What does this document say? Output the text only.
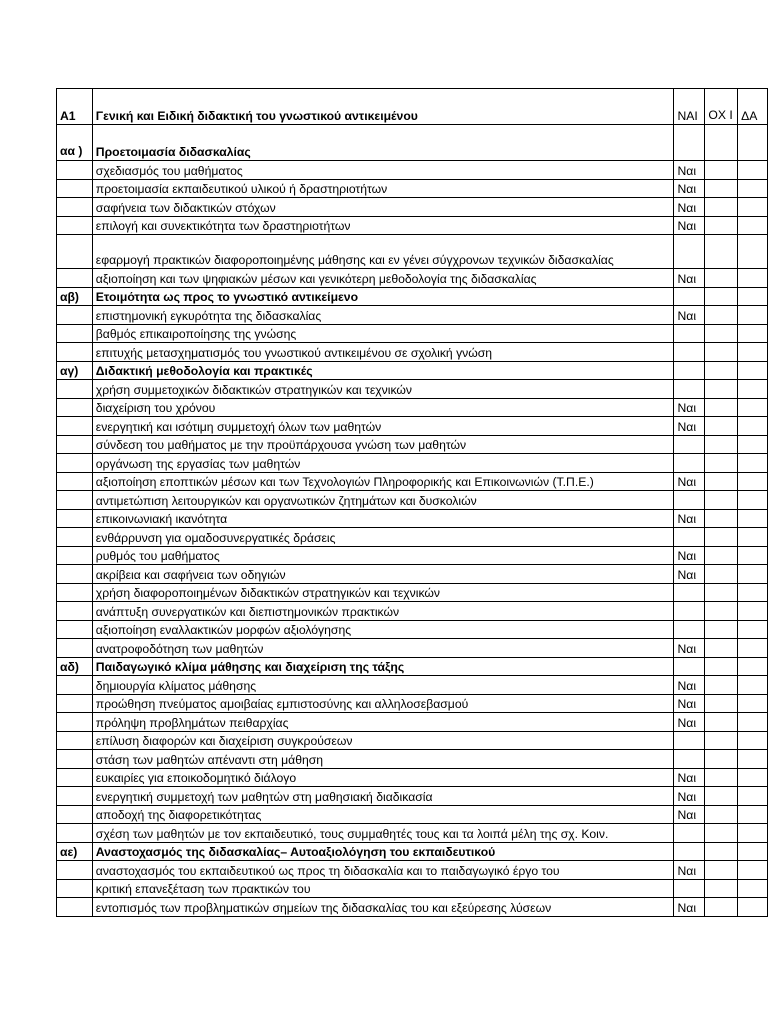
Α1	Γενική και Ειδική διδακτική του γνωστικού αντικειμένου	ΝΑΙ	ΟΧ Ι	ΔΑ
αα )	Προετοιμασία διδασκαλίας			
	σχεδιασμός του μαθήματος	Ναι		
	προετοιμασία εκπαιδευτικού υλικού ή δραστηριοτήτων	Ναι		
	σαφήνεια των διδακτικών στόχων	Ναι		
	επιλογή και συνεκτικότητα των δραστηριοτήτων	Ναι		
	εφαρμογή πρακτικών διαφοροποιημένης μάθησης και εν γένει σύγχρονων τεχνικών διδασκαλίας			
	αξιοποίηση και των ψηφιακών μέσων και γενικότερη μεθοδολογία της διδασκαλίας	Ναι		
αβ)	Ετοιμότητα ως προς το γνωστικό αντικείμενο			
	επιστημονική εγκυρότητα της διδασκαλίας	Ναι		
	βαθμός επικαιροποίησης της γνώσης			
	επιτυχής μετασχηματισμός του γνωστικού αντικειμένου σε σχολική γνώση			
αγ)	Διδακτική μεθοδολογία και πρακτικές			
	χρήση συμμετοχικών διδακτικών στρατηγικών και τεχνικών			
	διαχείριση του χρόνου	Ναι		
	ενεργητική και ισότιμη συμμετοχή όλων των μαθητών	Ναι		
	σύνδεση του μαθήματος με την προϋπάρχουσα γνώση των μαθητών			
	οργάνωση της εργασίας των μαθητών			
	αξιοποίηση εποπτικών μέσων και των Τεχνολογιών Πληροφορικής και Επικοινωνιών (Τ.Π.Ε.)	Ναι		
	αντιμετώπιση λειτουργικών και οργανωτικών ζητημάτων και δυσκολιών			
	επικοινωνιακή ικανότητα	Ναι		
	ενθάρρυνση για ομαδοσυνεργατικές δράσεις			
	ρυθμός του μαθήματος	Ναι		
	ακρίβεια και σαφήνεια των οδηγιών	Ναι		
	χρήση διαφοροποιημένων διδακτικών στρατηγικών και τεχνικών			
	ανάπτυξη συνεργατικών και διεπιστημονικών πρακτικών			
	αξιοποίηση εναλλακτικών μορφών αξιολόγησης			
	ανατροφοδότηση των μαθητών	Ναι		
αδ)	Παιδαγωγικό κλίμα μάθησης και διαχείριση της τάξης			
	δημιουργία κλίματος μάθησης	Ναι		
	προώθηση πνεύματος αμοιβαίας εμπιστοσύνης και αλληλοσεβασμού	Ναι		
	πρόληψη προβλημάτων πειθαρχίας	Ναι		
	επίλυση διαφορών και διαχείριση συγκρούσεων			
	στάση των μαθητών απέναντι στη μάθηση			
	ευκαιρίες για εποικοδομητικό διάλογο	Ναι		
	ενεργητική συμμετοχή των μαθητών στη μαθησιακή διαδικασία	Ναι		
	αποδοχή της διαφορετικότητας	Ναι		
	σχέση των μαθητών με τον εκπαιδευτικό, τους συμμαθητές τους και τα λοιπά μέλη της σχ. Κοιν.			
αε)	Αναστοχασμός της διδασκαλίας– Αυτοαξιολόγηση του εκπαιδευτικού			
	αναστοχασμός του εκπαιδευτικού ως προς τη διδασκαλία και το παιδαγωγικό έργο του	Ναι		
	κριτική επανεξέταση των πρακτικών του			
	εντοπισμός των προβληματικών σημείων της διδασκαλίας του και εξεύρεσης λύσεων	Ναι		
